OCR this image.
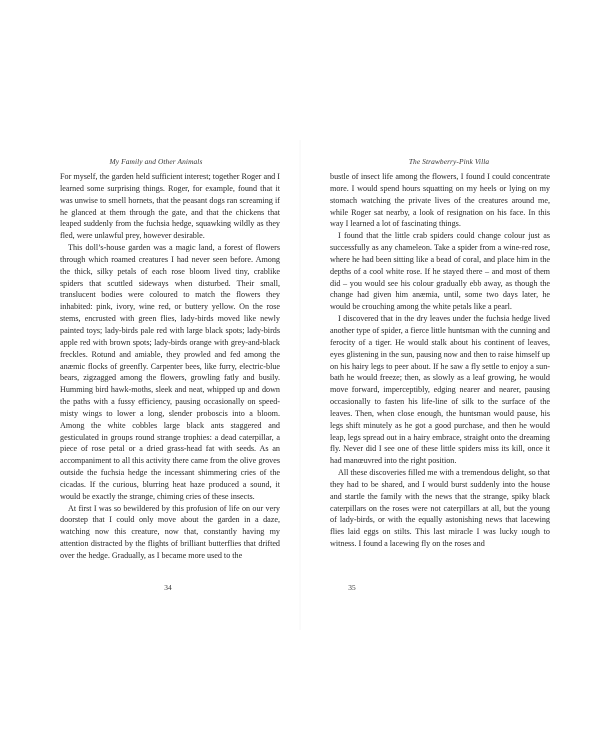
My Family and Other Animals

For myself, the garden held sufficient interest; together Roger and I learned some surprising things. Roger, for example, found that it was unwise to smell hornets, that the peasant dogs ran screaming if he glanced at them through the gate, and that the chickens that leaped suddenly from the fuchsia hedge, squawking wildly as they fled, were unlawful prey, however desirable.

This doll’s-house garden was a magic land, a forest of flowers through which roamed creatures I had never seen before. Among the thick, silky petals of each rose bloom lived tiny, crablike spiders that scuttled sideways when disturbed. Their small, translucent bodies were coloured to match the flowers they inhabited: pink, ivory, wine red, or buttery yellow. On the rose stems, encrusted with green flies, lady-birds moved like newly painted toys; lady-birds pale red with large black spots; lady-birds apple red with brown spots; lady-birds orange with grey-and-black freckles. Rotund and amiable, they prowled and fed among the anæmic flocks of greenfly. Carpenter bees, like furry, electric-blue bears, zigzagged among the flowers, growling fatly and busily. Humming bird hawk-moths, sleek and neat, whipped up and down the paths with a fussy efficiency, pausing occasionally on speed-misty wings to lower a long, slender proboscis into a bloom. Among the white cobbles large black ants staggered and gesticulated in groups round strange trophies: a dead caterpillar, a piece of rose petal or a dried grass-head fat with seeds. As an accompaniment to all this activity there came from the olive groves outside the fuchsia hedge the incessant shimmering cries of the cicadas. If the curious, blurring heat haze produced a sound, it would be exactly the strange, chiming cries of these insects.

At first I was so bewildered by this profusion of life on our very doorstep that I could only move about the garden in a daze, watching now this creature, now that, constantly having my attention distracted by the flights of brilliant butterflies that drifted over the hedge. Gradually, as I became more used to the

34
The Strawberry-Pink Villa

bustle of insect life among the flowers, I found I could concentrate more. I would spend hours squatting on my heels or lying on my stomach watching the private lives of the creatures around me, while Roger sat nearby, a look of resignation on his face. In this way I learned a lot of fascinating things.

I found that the little crab spiders could change colour just as successfully as any chameleon. Take a spider from a wine-red rose, where he had been sitting like a bead of coral, and place him in the depths of a cool white rose. If he stayed there – and most of them did – you would see his colour gradually ebb away, as though the change had given him anæmia, until, some two days later, he would be crouching among the white petals like a pearl.

I discovered that in the dry leaves under the fuchsia hedge lived another type of spider, a fierce little huntsman with the cunning and ferocity of a tiger. He would stalk about his continent of leaves, eyes glistening in the sun, pausing now and then to raise himself up on his hairy legs to peer about. If he saw a fly settle to enjoy a sun-bath he would freeze; then, as slowly as a leaf growing, he would move forward, imperceptibly, edging nearer and nearer, pausing occasionally to fasten his life-line of silk to the surface of the leaves. Then, when close enough, the huntsman would pause, his legs shift minutely as he got a good purchase, and then he would leap, legs spread out in a hairy embrace, straight onto the dreaming fly. Never did I see one of these little spiders miss its kill, once it had manœuvred into the right position.

All these discoveries filled me with a tremendous delight, so that they had to be shared, and I would burst suddenly into the house and startle the family with the news that the strange, spiky black caterpillars on the roses were not caterpillars at all, but the young of lady-birds, or with the equally astonishing news that lacewing flies laid eggs on stilts. This last miracle I was lucky ıough to witness. I found a lacewing fly on the roses and

35
